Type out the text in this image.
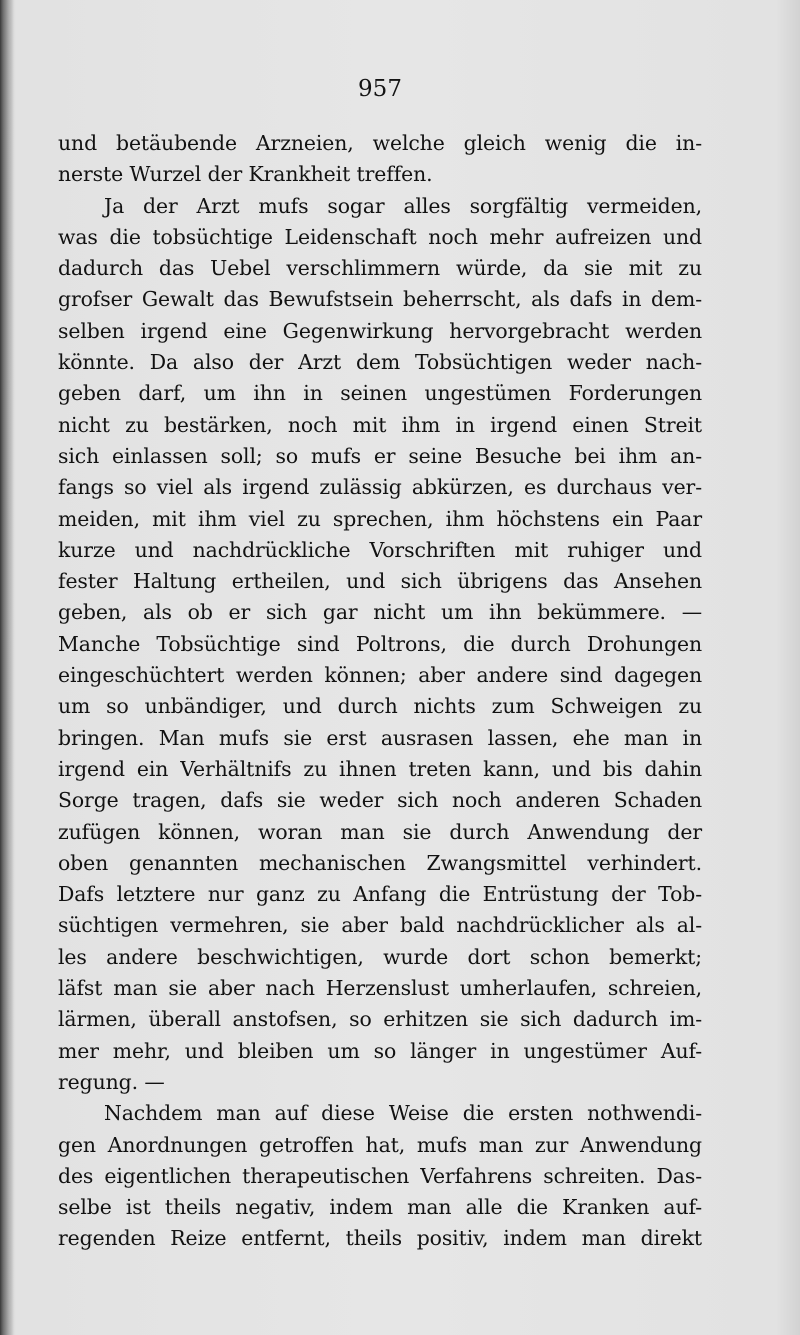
957
und betäubende Arzneien, welche gleich wenig die in-
nerste Wurzel der Krankheit treffen.
Ja der Arzt mufs sogar alles sorgfältig vermeiden,
was die tobsüchtige Leidenschaft noch mehr aufreizen und
dadurch das Uebel verschlimmern würde, da sie mit zu
grofser Gewalt das Bewufstsein beherrscht, als dafs in dem-
selben irgend eine Gegenwirkung hervorgebracht werden
könnte. Da also der Arzt dem Tobsüchtigen weder nach-
geben darf, um ihn in seinen ungestümen Forderungen
nicht zu bestärken, noch mit ihm in irgend einen Streit
sich einlassen soll; so mufs er seine Besuche bei ihm an-
fangs so viel als irgend zulässig abkürzen, es durchaus ver-
meiden, mit ihm viel zu sprechen, ihm höchstens ein Paar
kurze und nachdrückliche Vorschriften mit ruhiger und
fester Haltung ertheilen, und sich übrigens das Ansehen
geben, als ob er sich gar nicht um ihn bekümmere. —
Manche Tobsüchtige sind Poltrons, die durch Drohungen
eingeschüchtert werden können; aber andere sind dagegen
um so unbändiger, und durch nichts zum Schweigen zu
bringen. Man mufs sie erst ausrasen lassen, ehe man in
irgend ein Verhältnifs zu ihnen treten kann, und bis dahin
Sorge tragen, dafs sie weder sich noch anderen Schaden
zufügen können, woran man sie durch Anwendung der
oben genannten mechanischen Zwangsmittel verhindert.
Dafs letztere nur ganz zu Anfang die Entrüstung der Tob-
süchtigen vermehren, sie aber bald nachdrücklicher als al-
les andere beschwichtigen, wurde dort schon bemerkt;
läfst man sie aber nach Herzenslust umherlaufen, schreien,
lärmen, überall anstofsen, so erhitzen sie sich dadurch im-
mer mehr, und bleiben um so länger in ungestümer Auf-
regung. —
Nachdem man auf diese Weise die ersten nothwendi-
gen Anordnungen getroffen hat, mufs man zur Anwendung
des eigentlichen therapeutischen Verfahrens schreiten. Das-
selbe ist theils negativ, indem man alle die Kranken auf-
regenden Reize entfernt, theils positiv, indem man direkt
